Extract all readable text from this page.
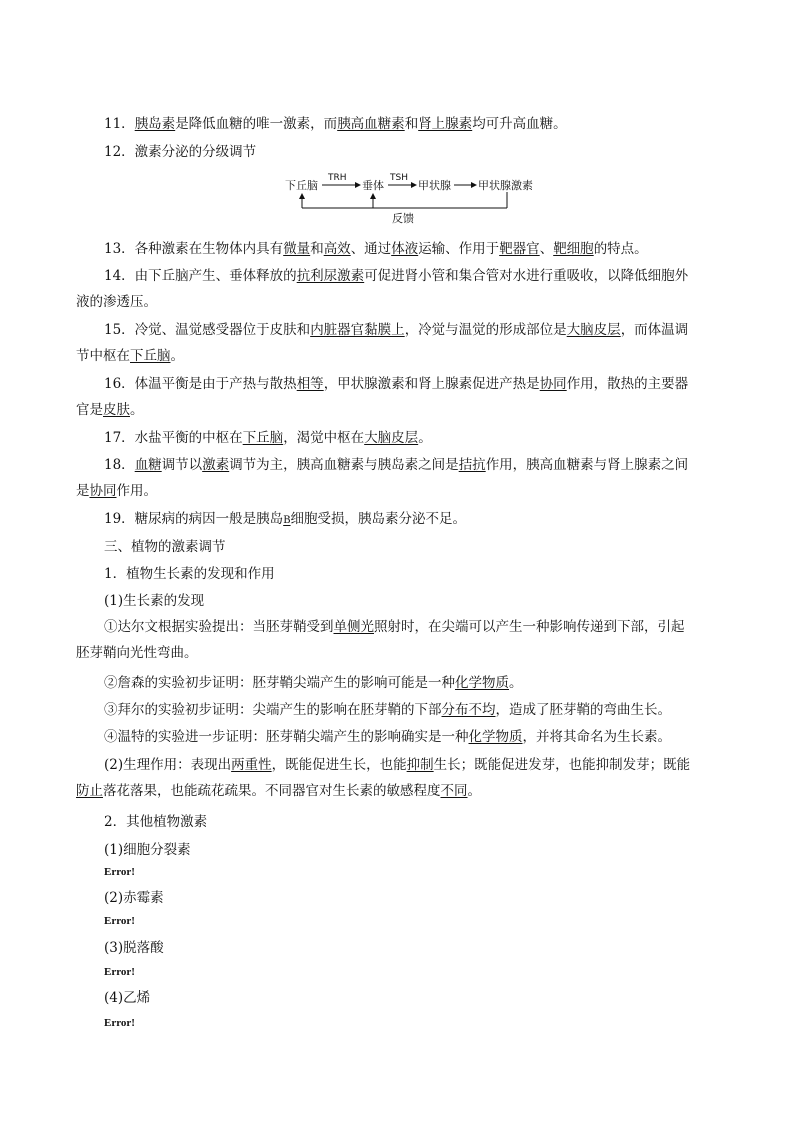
11．胰岛素是降低血糖的唯一激素，而胰高血糖素和肾上腺素均可升高血糖。
12．激素分泌的分级调节
下丘脑
TRH
垂体
TSH
甲状腺 甲状腺激素
反馈
13．各种激素在生物体内具有微量和高效、通过体液运输、作用于靶器官、靶细胞的特点。
14．由下丘脑产生、垂体释放的抗利尿激素可促进肾小管和集合管对水进行重吸收，以降低细胞外液的渗透压。
15．冷觉、温觉感受器位于皮肤和内脏器官黏膜上，冷觉与温觉的形成部位是大脑皮层，而体温调节中枢在下丘脑。
16．体温平衡是由于产热与散热相等，甲状腺激素和肾上腺素促进产热是协同作用，散热的主要器官是皮肤。
17．水盐平衡的中枢在下丘脑，渴觉中枢在大脑皮层。
18．血糖调节以激素调节为主，胰高血糖素与胰岛素之间是拮抗作用，胰高血糖素与肾上腺素之间是协同作用。
19．糖尿病的病因一般是胰岛B细胞受损，胰岛素分泌不足。
三、植物的激素调节
1．植物生长素的发现和作用
(1)生长素的发现
①达尔文根据实验提出：当胚芽鞘受到单侧光照射时，在尖端可以产生一种影响传递到下部，引起胚芽鞘向光性弯曲。
②詹森的实验初步证明：胚芽鞘尖端产生的影响可能是一种化学物质。
③拜尔的实验初步证明：尖端产生的影响在胚芽鞘的下部分布不均，造成了胚芽鞘的弯曲生长。
④温特的实验进一步证明：胚芽鞘尖端产生的影响确实是一种化学物质，并将其命名为生长素。
(2)生理作用：表现出两重性，既能促进生长，也能抑制生长；既能促进发芽，也能抑制发芽；既能防止落花落果，也能疏花疏果。不同器官对生长素的敏感程度不同。
2．其他植物激素
(1)细胞分裂素
Error!
(2)赤霉素
Error!
(3)脱落酸
Error!
(4)乙烯
Error!
